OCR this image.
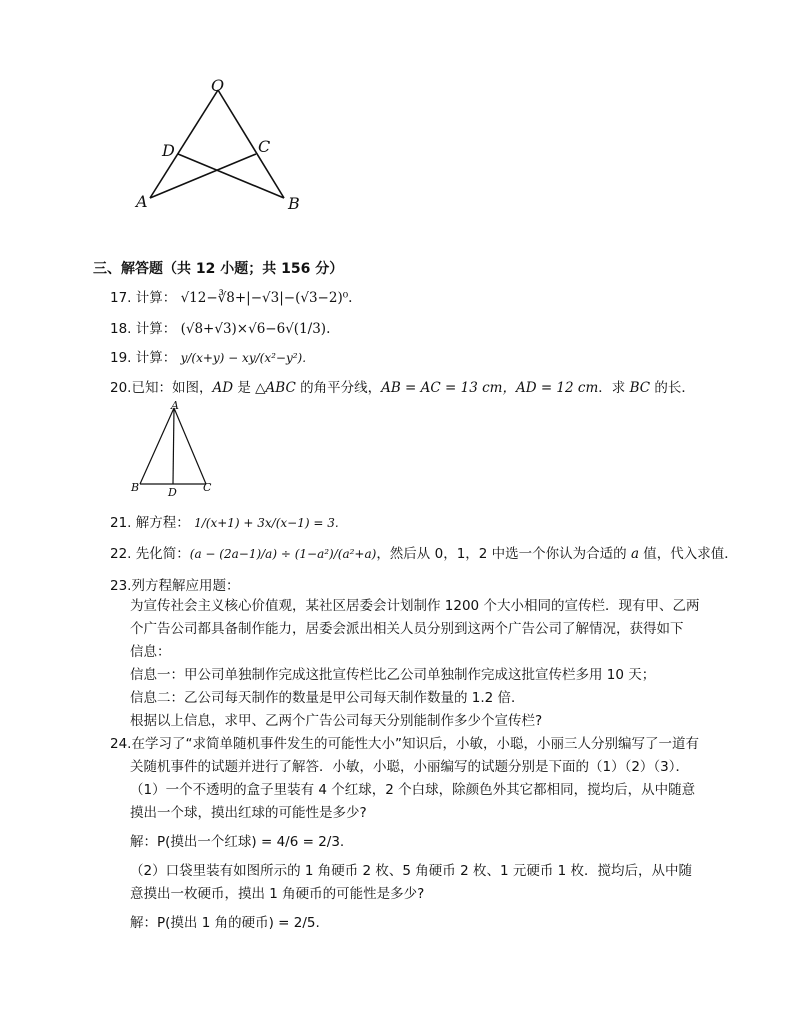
O
D	C
A	B
三、解答题（共 12 小题；共 156 分）
17. 计算： √12−∛8+|−√3|−(√3−2)⁰.
18. 计算： (√8+√3)×√6−6√(1/3).
19. 计算： y/(x+y) − xy/(x²−y²).
20.已知：如图，AD 是 △ABC 的角平分线，AB = AC = 13 cm，AD = 12 cm．求 BC 的长．
A
B	D C
21. 解方程： 1/(x+1) + 3x/(x−1) = 3.
22. 先化简：(a − (2a−1)/a) ÷ (1−a²)/(a²+a)，然后从 0，1，2 中选一个你认为合适的 a 值，代入求值．
23.列方程解应用题：
为宣传社会主义核心价值观，某社区居委会计划制作 1200 个大小相同的宣传栏．现有甲、乙两
个广告公司都具备制作能力，居委会派出相关人员分别到这两个广告公司了解情况，获得如下
信息：
信息一：甲公司单独制作完成这批宣传栏比乙公司单独制作完成这批宣传栏多用 10 天；
信息二：乙公司每天制作的数量是甲公司每天制作数量的 1.2 倍．
根据以上信息，求甲、乙两个广告公司每天分别能制作多少个宣传栏?
24.在学习了“求简单随机事件发生的可能性大小”知识后，小敏，小聪，小丽三人分别编写了一道有
关随机事件的试题并进行了解答．小敏，小聪，小丽编写的试题分别是下面的（1）（2）（3）．
（1）一个不透明的盒子里装有 4 个红球，2 个白球，除颜色外其它都相同，搅均后，从中随意
摸出一个球，摸出红球的可能性是多少?
解：P(摸出一个红球) = 4/6 = 2/3.
（2）口袋里装有如图所示的 1 角硬币 2 枚、5 角硬币 2 枚、1 元硬币 1 枚．搅均后，从中随
意摸出一枚硬币，摸出 1 角硬币的可能性是多少?
解：P(摸出 1 角的硬币) = 2/5.
